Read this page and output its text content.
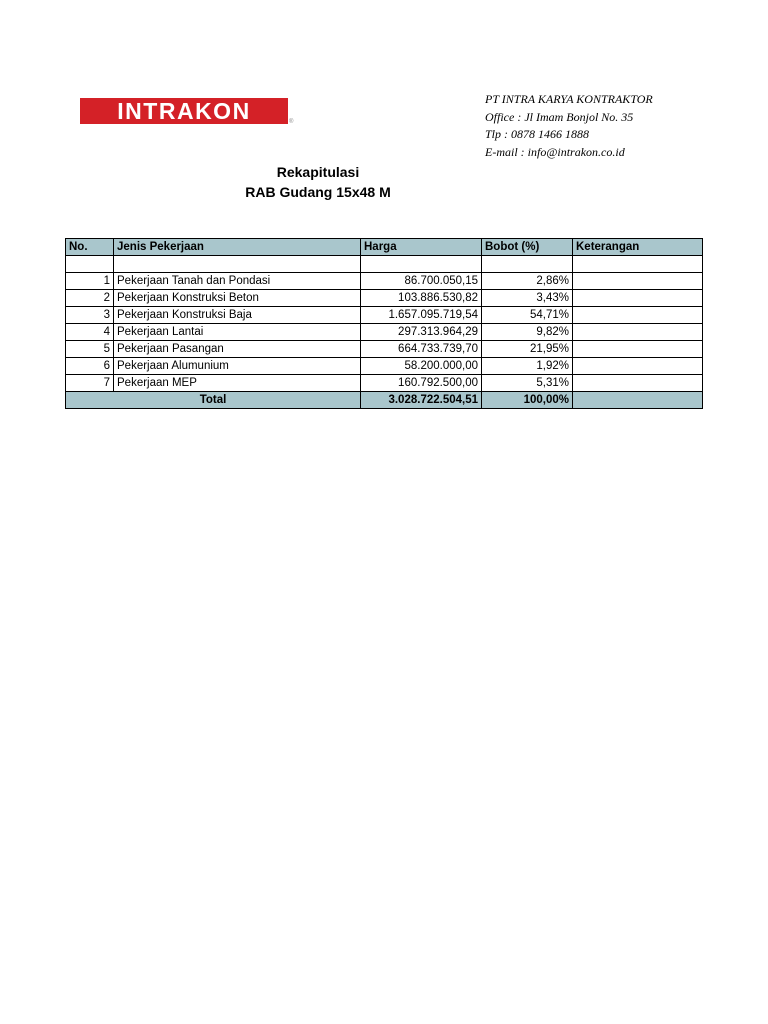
INTRAKON	®
PT INTRA KARYA KONTRAKTOR
Office : Jl Imam Bonjol No. 35
Tlp : 0878 1466 1888
E-mail : info@intrakon.co.id
Rekapitulasi
RAB Gudang 15x48 M
No.	Jenis Pekerjaan	Harga	Bobot (%)	Keterangan

1	Pekerjaan Tanah dan Pondasi	86.700.050,15	2,86%	
2	Pekerjaan Konstruksi Beton	103.886.530,82	3,43%	
3	Pekerjaan Konstruksi Baja	1.657.095.719,54	54,71%	
4	Pekerjaan Lantai	297.313.964,29	9,82%	
5	Pekerjaan Pasangan	664.733.739,70	21,95%	
6	Pekerjaan Alumunium	58.200.000,00	1,92%	
7	Pekerjaan MEP	160.792.500,00	5,31%	
Total		3.028.722.504,51	100,00%	
